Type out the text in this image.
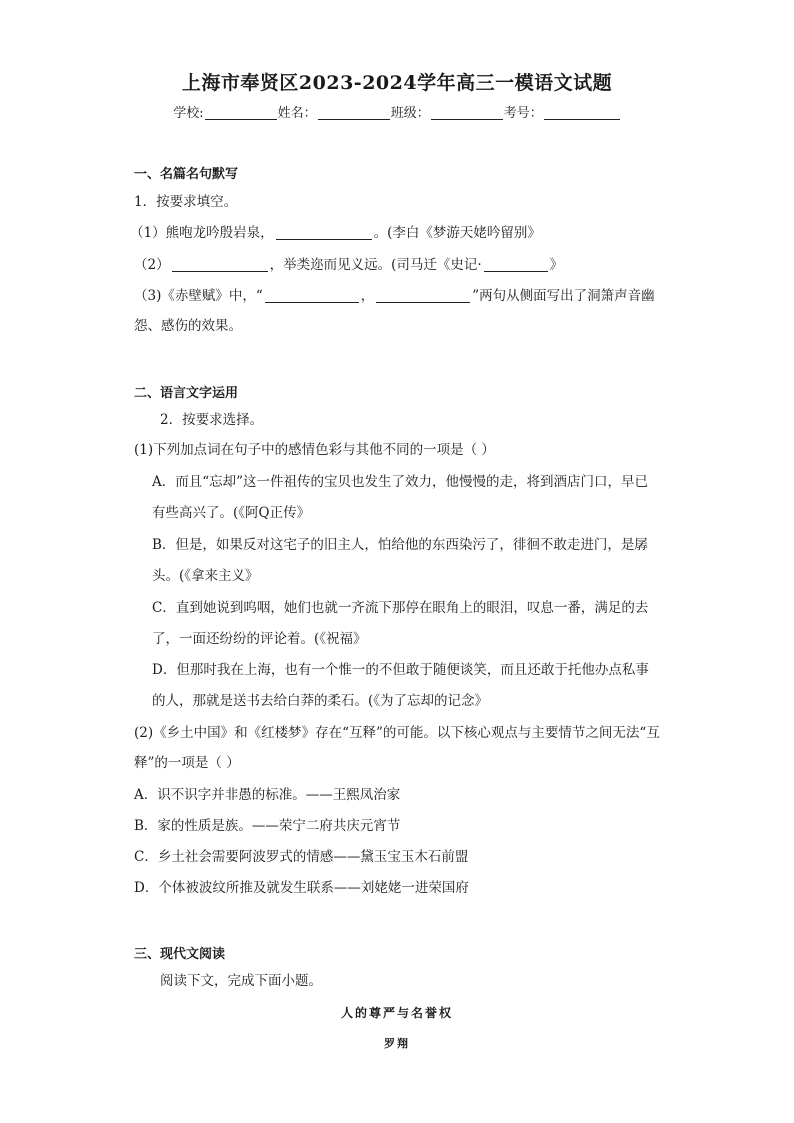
上海市奉贤区2023-2024学年高三一模语文试题
学校:	姓名：	班级：	考号：
一、名篇名句默写
1．按要求填空。
（1）熊咆龙吟殷岩泉，	。(李白《梦游天姥吟留别》
（2）	，举类迩而见义远。(司马迁《史记·	》
（3)《赤壁赋》中，“	，	”两句从侧面写出了洞箫声音幽
怨、感伤的效果。
二、语言文字运用
2．按要求选择。
(1)下列加点词在句子中的感情色彩与其他不同的一项是（ ）
A．而且“忘却”这一件祖传的宝贝也发生了效力，他慢慢的走，将到酒店门口，早已
有些高兴了。(《阿Q正传》
B．但是，如果反对这宅子的旧主人，怕给他的东西染污了，徘徊不敢走进门，是孱
头。(《拿来主义》
C．直到她说到呜咽，她们也就一齐流下那停在眼角上的眼泪，叹息一番，满足的去
了，一面还纷纷的评论着。(《祝福》
D．但那时我在上海，也有一个惟一的不但敢于随便谈笑，而且还敢于托他办点私事
的人，那就是送书去给白莽的柔石。(《为了忘却的记念》
(2)《乡土中国》和《红楼梦》存在“互释”的可能。以下核心观点与主要情节之间无法“互
释”的一项是（ ）
A．识不识字并非愚的标准。——王熙凤治家
B．家的性质是族。——荣宁二府共庆元宵节
C．乡土社会需要阿波罗式的情感——黛玉宝玉木石前盟
D．个体被波纹所推及就发生联系——刘姥姥一进荣国府
三、现代文阅读
阅读下文，完成下面小题。
人的尊严与名誉权
罗翔
